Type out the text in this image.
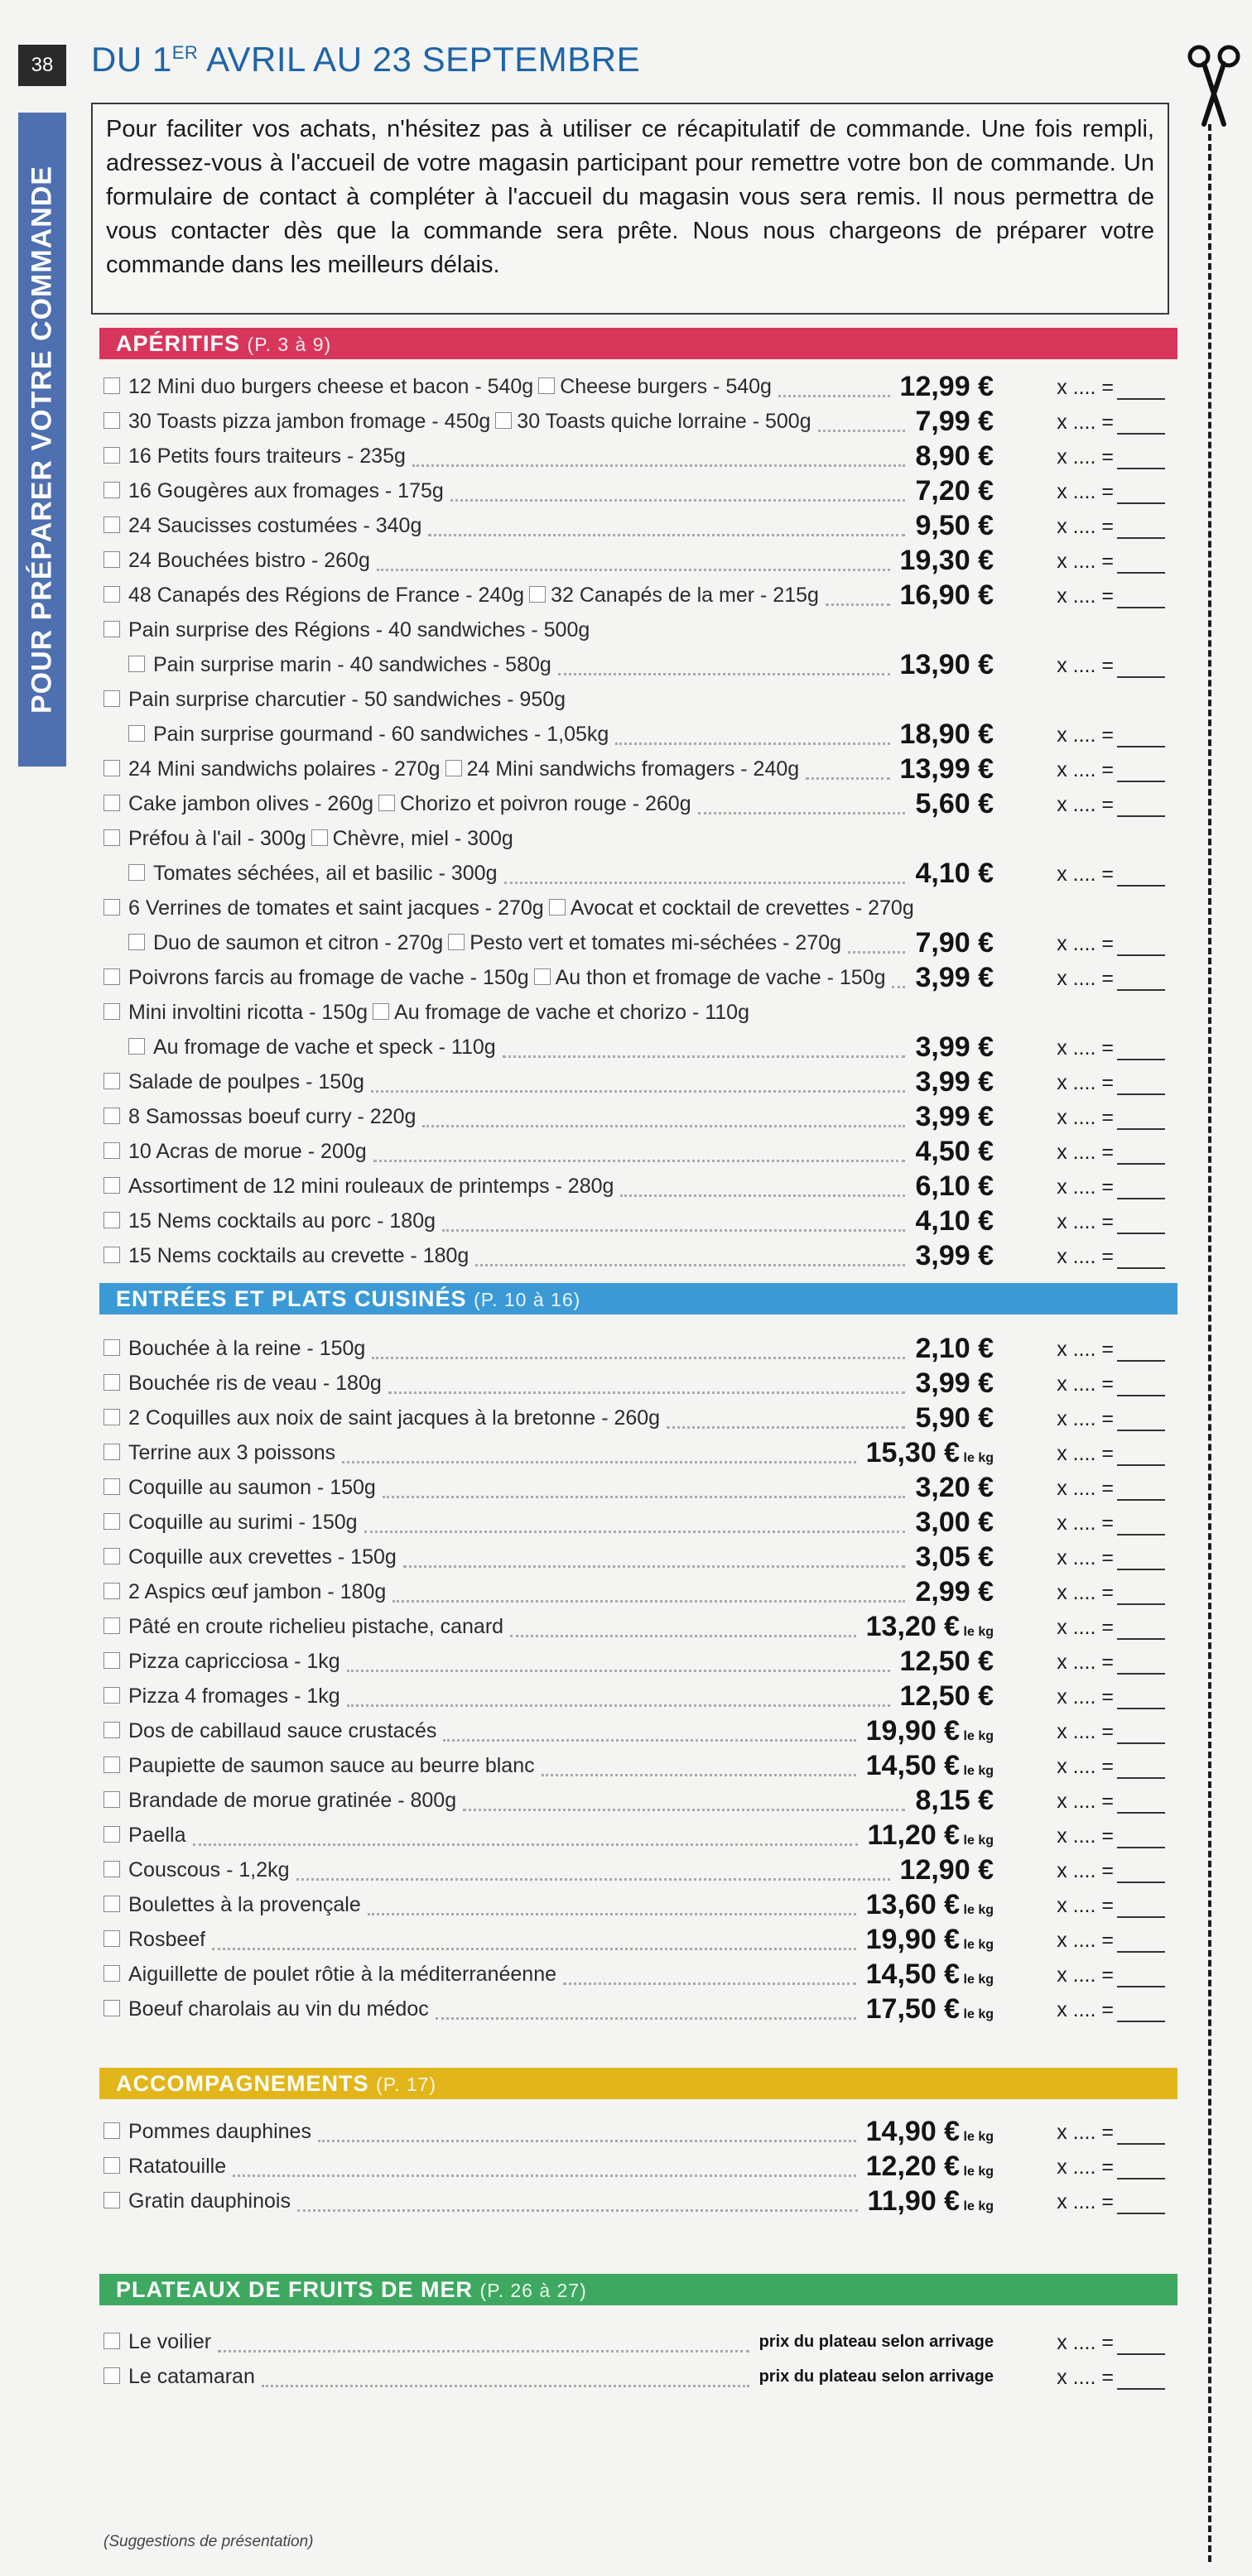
38	DU 1ER AVRIL AU 23 SEPTEMBRE
POUR PRÉPARER VOTRE COMMANDE
Pour faciliter vos achats, n'hésitez pas à utiliser ce récapitulatif de commande. Une fois rempli, adressez-vous à l'accueil de votre magasin participant pour remettre votre bon de commande. Un formulaire de contact à compléter à l'accueil du magasin vous sera remis. Il nous permettra de vous contacter dès que la commande sera prête. Nous nous chargeons de préparer votre commande dans les meilleurs délais.
APÉRITIFS (P. 3 à 9)
12 Mini duo burgers cheese et bacon - 540g Cheese burgers - 540g	12,99 €	x .... =
30 Toasts pizza jambon fromage - 450g 30 Toasts quiche lorraine - 500g	7,99 €	x .... =
16 Petits fours traiteurs - 235g	8,90 €	x .... =
16 Gougères aux fromages - 175g	7,20 €	x .... =
24 Saucisses costumées - 340g	9,50 €	x .... =
24 Bouchées bistro - 260g	19,30 €	x .... =
48 Canapés des Régions de France - 240g 32 Canapés de la mer - 215g	16,90 €	x .... =
Pain surprise des Régions - 40 sandwiches - 500g
Pain surprise marin - 40 sandwiches - 580g	13,90 €	x .... =
Pain surprise charcutier - 50 sandwiches - 950g
Pain surprise gourmand - 60 sandwiches - 1,05kg	18,90 €	x .... =
24 Mini sandwichs polaires - 270g 24 Mini sandwichs fromagers - 240g	13,99 €	x .... =
Cake jambon olives - 260g Chorizo et poivron rouge - 260g	5,60 €	x .... =
Préfou à l'ail - 300g Chèvre, miel - 300g
Tomates séchées, ail et basilic - 300g	4,10 €	x .... =
6 Verrines de tomates et saint jacques - 270g Avocat et cocktail de crevettes - 270g
Duo de saumon et citron - 270g Pesto vert et tomates mi-séchées - 270g	7,90 €	x .... =
Poivrons farcis au fromage de vache - 150g Au thon et fromage de vache - 150g 3,99 €	x .... =
Mini involtini ricotta - 150g Au fromage de vache et chorizo - 110g
Au fromage de vache et speck - 110g	3,99 €	x .... =
Salade de poulpes - 150g	3,99 €	x .... =
8 Samossas boeuf curry - 220g	3,99 €	x .... =
10 Acras de morue - 200g	4,50 €	x .... =
Assortiment de 12 mini rouleaux de printemps - 280g	6,10 €	x .... =
15 Nems cocktails au porc - 180g	4,10 €	x .... =
15 Nems cocktails au crevette - 180g	3,99 €	x .... =
ENTRÉES ET PLATS CUISINÉS (P. 10 à 16)
Bouchée à la reine - 150g	2,10 €	x .... =
Bouchée ris de veau - 180g	3,99 €	x .... =
2 Coquilles aux noix de saint jacques à la bretonne - 260g	5,90 €	x .... =
Terrine aux 3 poissons	15,30 € le kg	x .... =
Coquille au saumon - 150g	3,20 €	x .... =
Coquille au surimi - 150g	3,00 €	x .... =
Coquille aux crevettes - 150g	3,05 €	x .... =
2 Aspics œuf jambon - 180g	2,99 €	x .... =
Pâté en croute richelieu pistache, canard	13,20 € le kg	x .... =
Pizza capricciosa - 1kg	12,50 €	x .... =
Pizza 4 fromages - 1kg	12,50 €	x .... =
Dos de cabillaud sauce crustacés	19,90 € le kg	x .... =
Paupiette de saumon sauce au beurre blanc	14,50 € le kg	x .... =
Brandade de morue gratinée - 800g	8,15 €	x .... =
Paella	11,20 € le kg	x .... =
Couscous - 1,2kg	12,90 €	x .... =
Boulettes à la provençale	13,60 € le kg	x .... =
Rosbeef	19,90 € le kg	x .... =
Aiguillette de poulet rôtie à la méditerranéenne	14,50 € le kg	x .... =
Boeuf charolais au vin du médoc	17,50 € le kg	x .... =
ACCOMPAGNEMENTS (P. 17)
Pommes dauphines	14,90 € le kg	x .... =
Ratatouille	12,20 € le kg	x .... =
Gratin dauphinois	11,90 € le kg	x .... =
PLATEAUX DE FRUITS DE MER (P. 26 à 27)
Le voilier	prix du plateau selon arrivage	x .... =
Le catamaran	prix du plateau selon arrivage	x .... =
(Suggestions de présentation)
